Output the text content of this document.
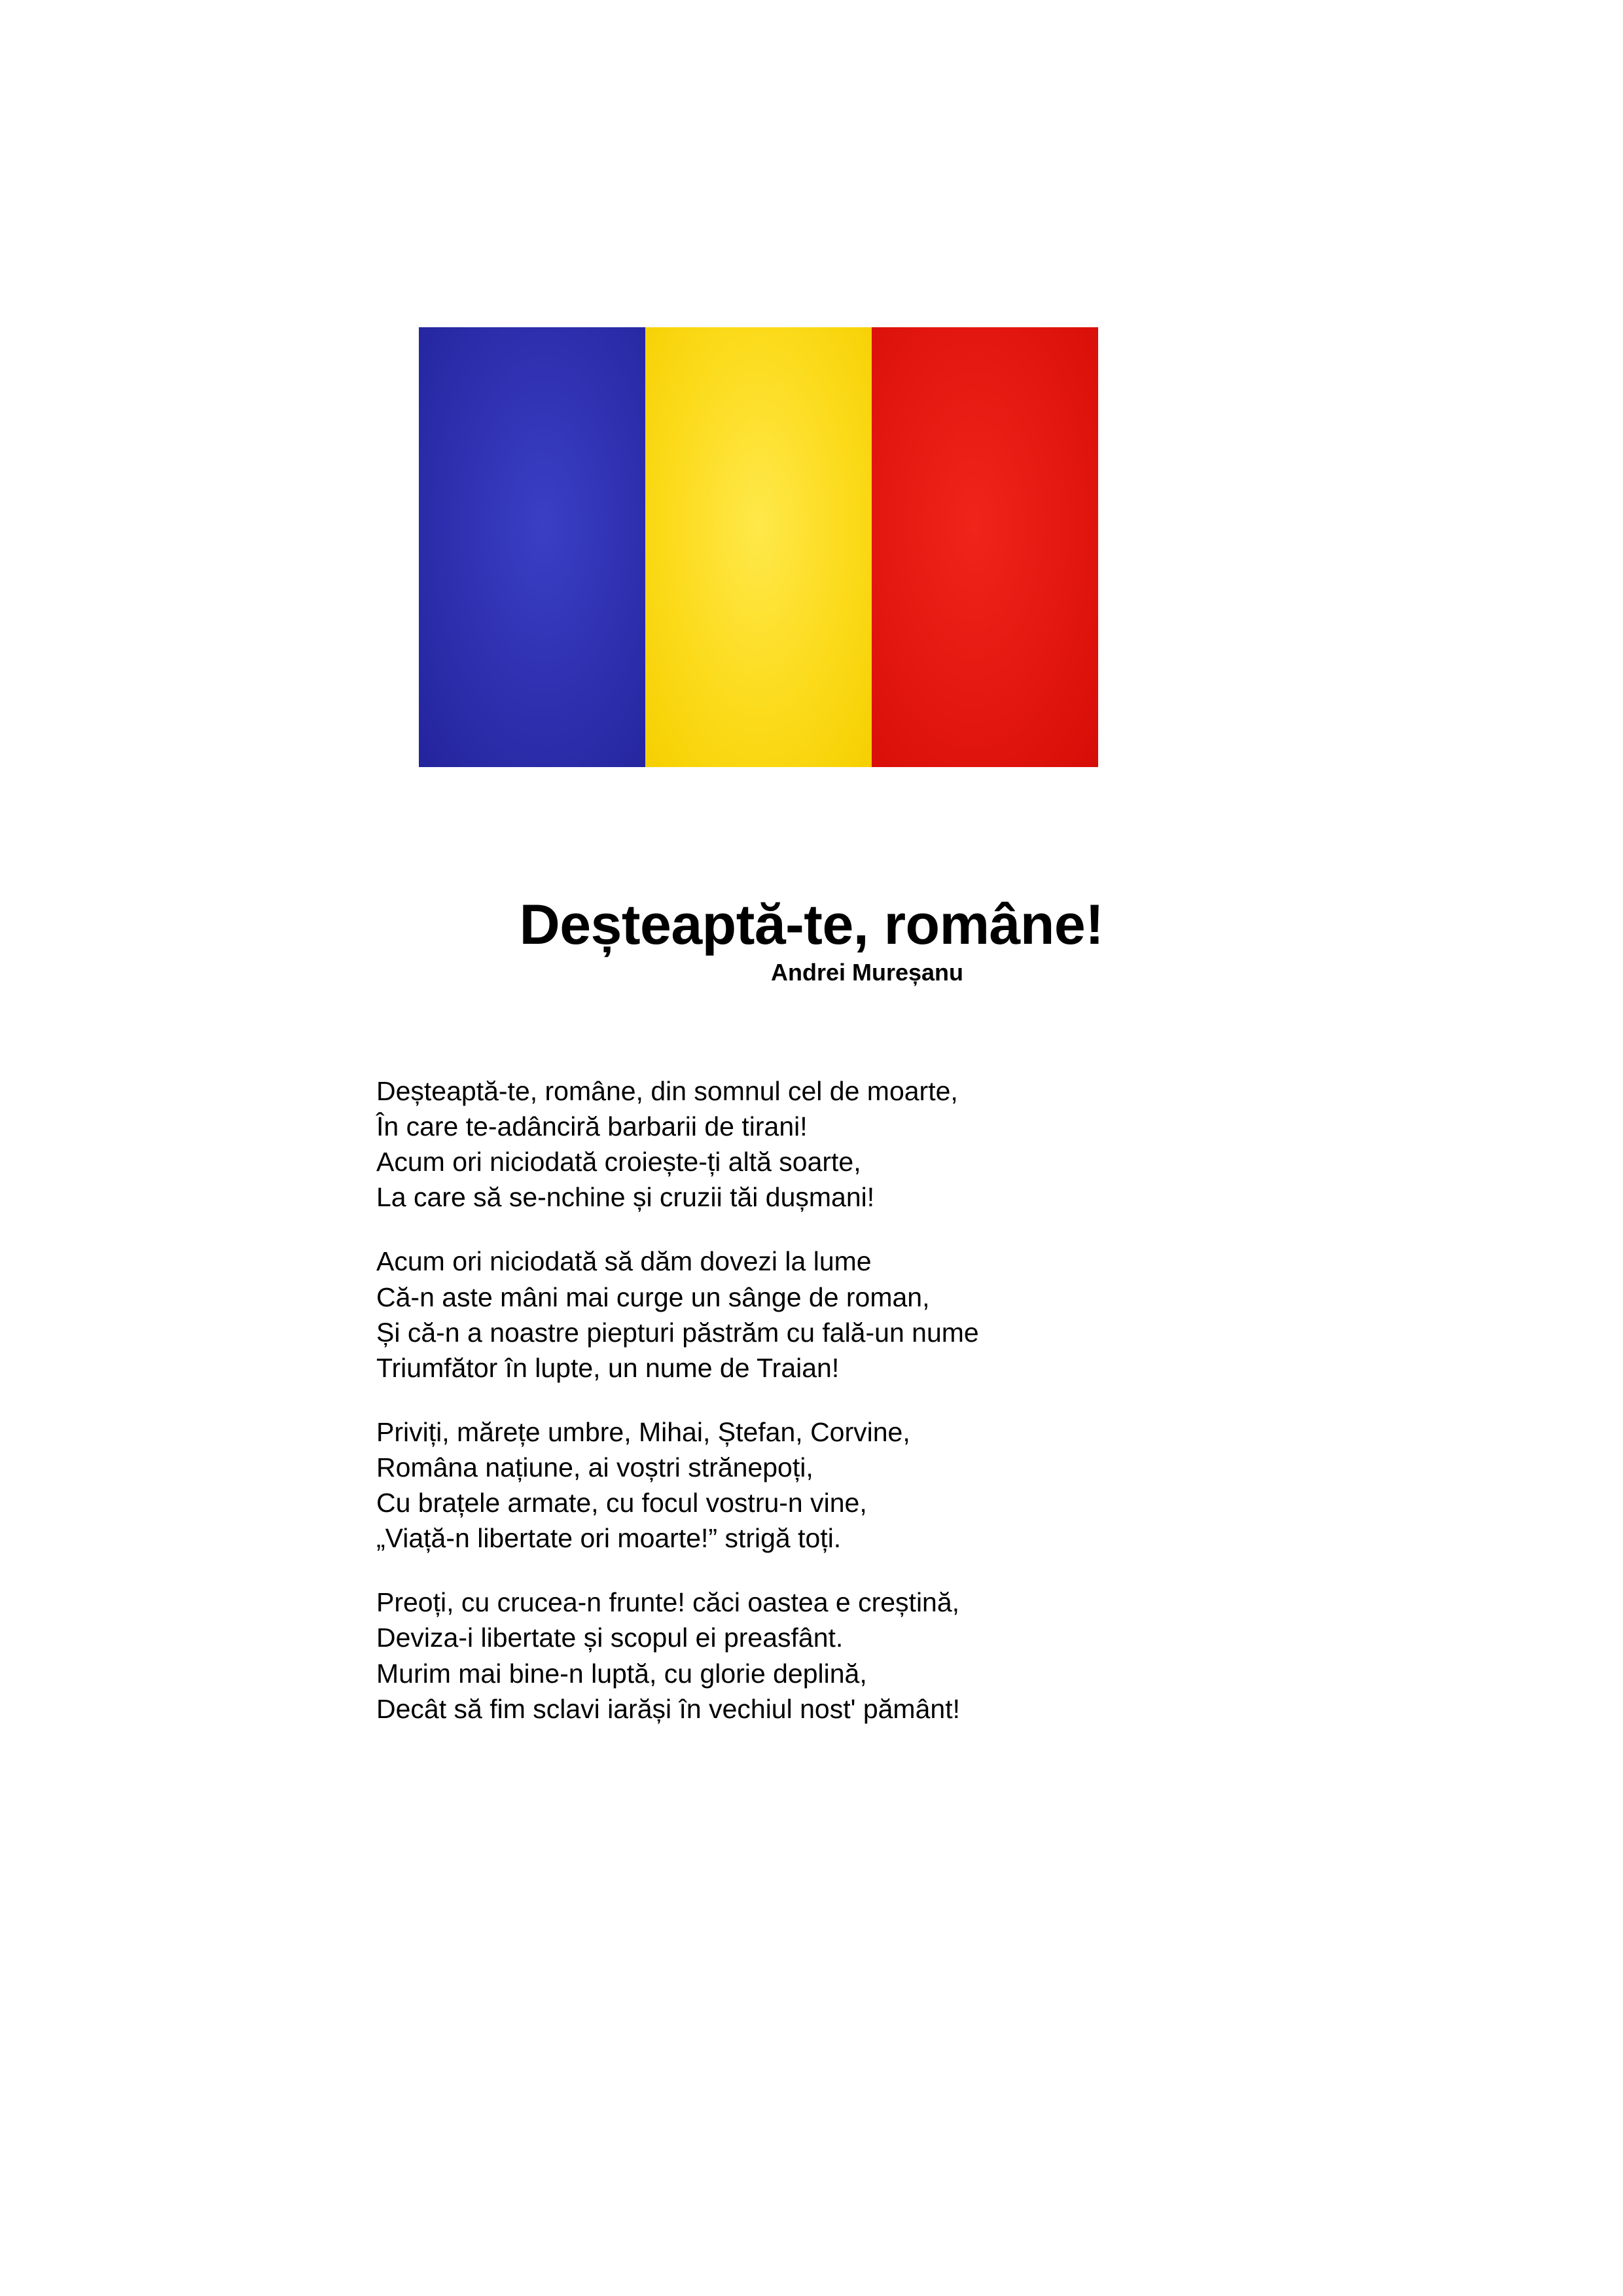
Deșteaptă-te, române!
Andrei Mureșanu

Deșteaptă-te, române, din somnul cel de moarte,
În care te-adânciră barbarii de tirani!
Acum ori niciodată croiește-ți altă soarte,
La care să se-nchine și cruzii tăi dușmani!

Acum ori niciodată să dăm dovezi la lume
Că-n aste mâni mai curge un sânge de roman,
Și că-n a noastre piepturi păstrăm cu fală-un nume
Triumfător în lupte, un nume de Traian!

Priviți, mărețe umbre, Mihai, Ștefan, Corvine,
Româna națiune, ai voștri strănepoți,
Cu brațele armate, cu focul vostru-n vine,
„Viață-n libertate ori moarte!” strigă toți.

Preoți, cu crucea-n frunte! căci oastea e creștină,
Deviza-i libertate și scopul ei preasfânt.
Murim mai bine-n luptă, cu glorie deplină,
Decât să fim sclavi iarăși în vechiul nost' pământ!
